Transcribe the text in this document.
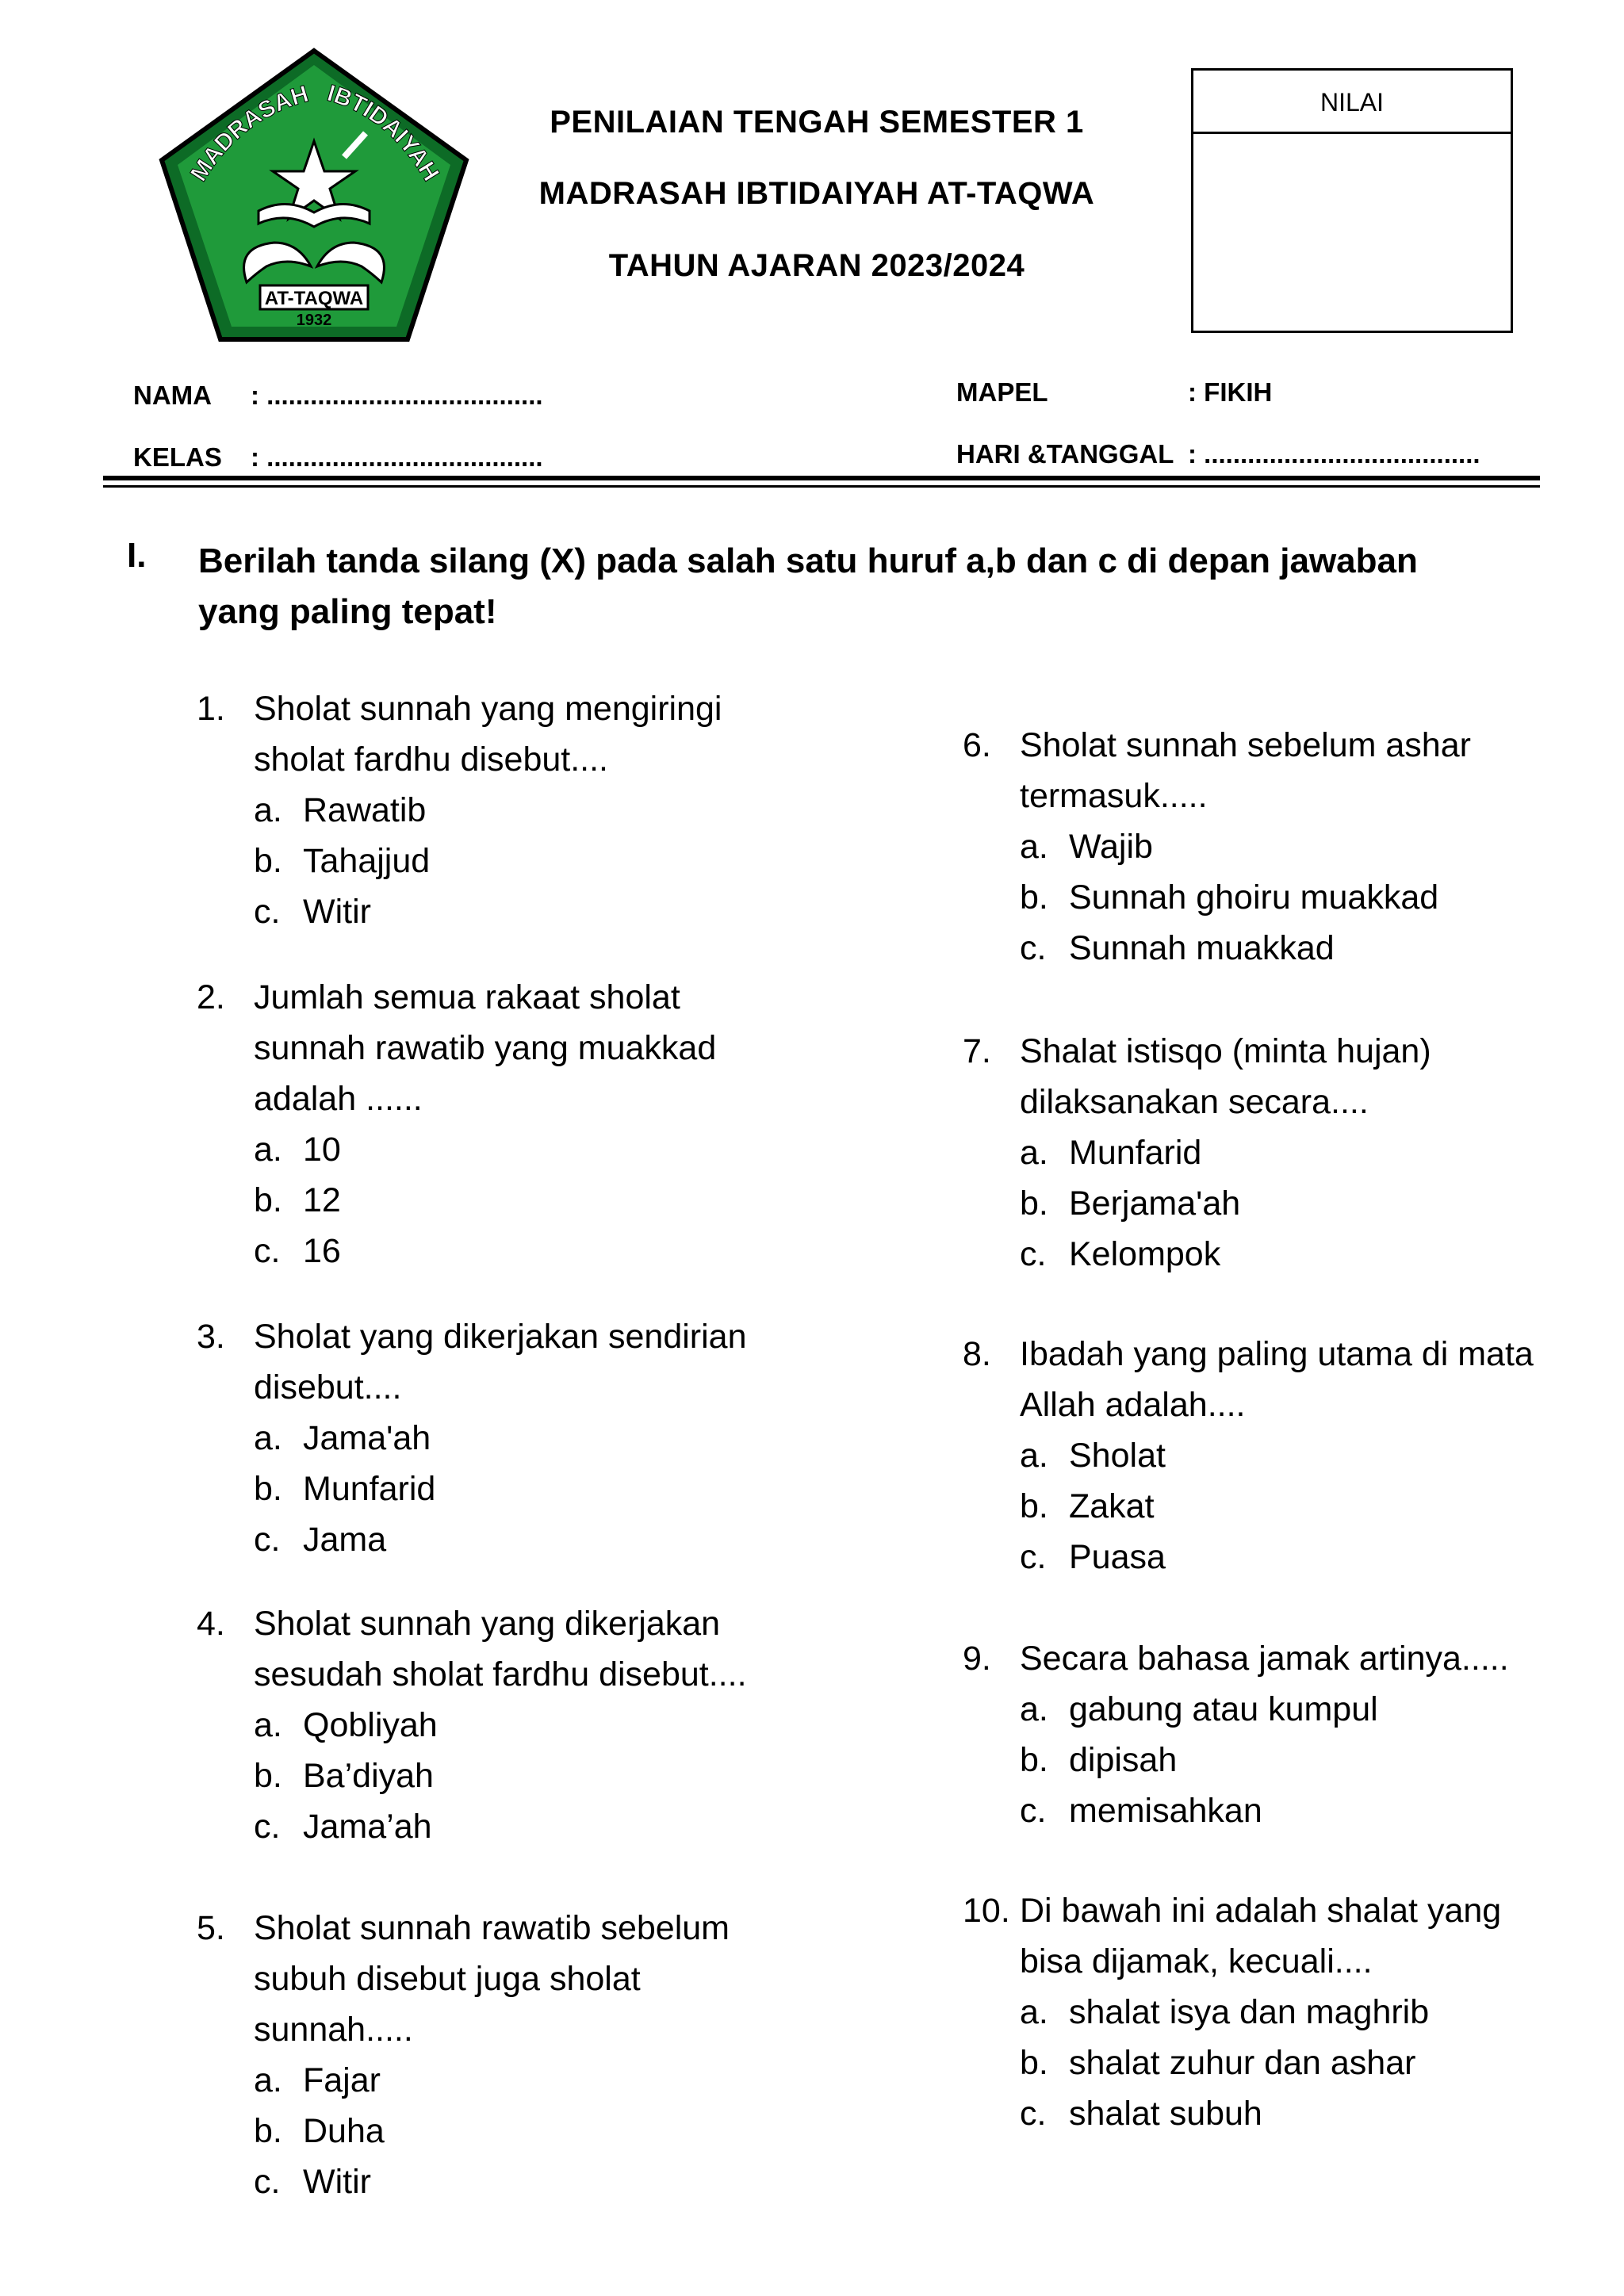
MADRASAH IBTIDAIYAH
AT-TAQWA
1932
PENILAIAN TENGAH SEMESTER 1
MADRASAH IBTIDAIYAH AT-TAQWA
TAHUN AJARAN 2023/2024
NILAI
NAMA : ......................................
KELAS : ......................................
MAPEL	: FIKIH
HARI &TANGGAL : ......................................
I. Berilah tanda silang (X) pada salah satu huruf a,b dan c di depan jawaban yang paling tepat!
1. Sholat sunnah yang mengiringi sholat fardhu disebut....
a. Rawatib
b. Tahajjud
c. Witir
2. Jumlah semua rakaat sholat sunnah rawatib yang muakkad adalah ......
a. 10
b. 12
c. 16
3. Sholat yang dikerjakan sendirian disebut....
a. Jama'ah
b. Munfarid
c. Jama
4. Sholat sunnah yang dikerjakan sesudah sholat fardhu disebut....
a. Qobliyah
b. Ba’diyah
c. Jama’ah
5. Sholat sunnah rawatib sebelum subuh disebut juga sholat sunnah.....
a. Fajar
b. Duha
c. Witir
6. Sholat sunnah sebelum ashar termasuk.....
a. Wajib
b. Sunnah ghoiru muakkad
c. Sunnah muakkad
7. Shalat istisqo (minta hujan) dilaksanakan secara....
a. Munfarid
b. Berjama'ah
c. Kelompok
8. Ibadah yang paling utama di mata Allah adalah....
a. Sholat
b. Zakat
c. Puasa
9. Secara bahasa jamak artinya.....
a. gabung atau kumpul
b. dipisah
c. memisahkan
10. Di bawah ini adalah shalat yang bisa dijamak, kecuali....
a. shalat isya dan maghrib
b. shalat zuhur dan ashar
c. shalat subuh
